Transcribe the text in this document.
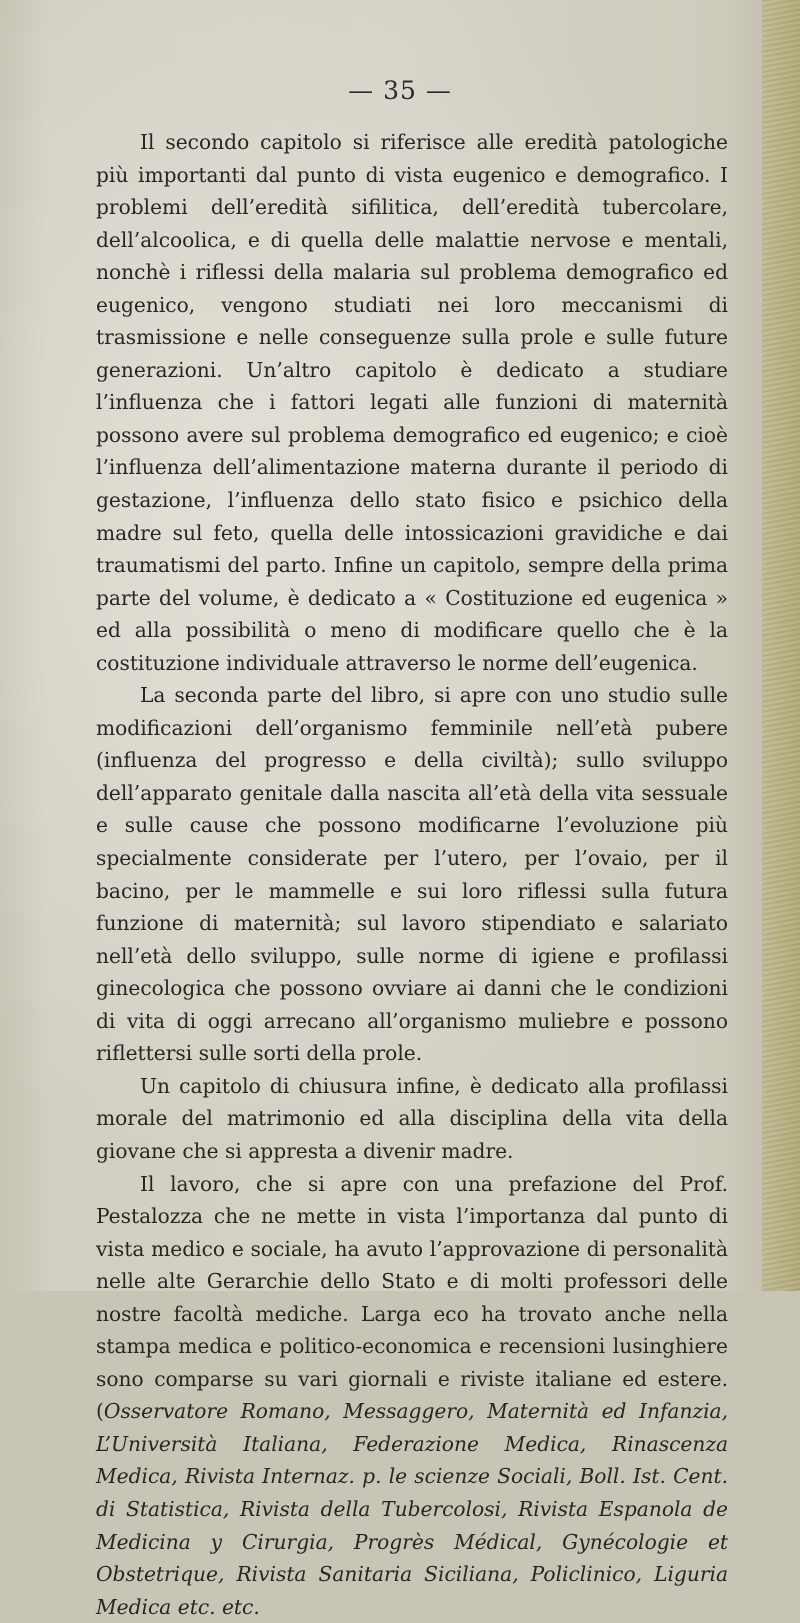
— 35 —

Il secondo capitolo si riferisce alle eredità patologiche più importanti dal punto di vista eugenico e demografico. I problemi dell’eredità sifilitica, dell’eredità tubercolare, dell’alcoolica, e di quella delle malattie nervose e mentali, nonchè i riflessi della malaria sul problema demografico ed eugenico, vengono studiati nei loro meccanismi di trasmissione e nelle conseguenze sulla prole e sulle future generazioni. Un’altro capitolo è dedicato a studiare l’influenza che i fattori legati alle funzioni di maternità possono avere sul problema demografico ed eugenico; e cioè l’influenza dell’alimentazione materna durante il periodo di gestazione, l’influenza dello stato fisico e psichico della madre sul feto, quella delle intossicazioni gravidiche e dai traumatismi del parto. Infine un capitolo, sempre della prima parte del volume, è dedicato a « Costituzione ed eugenica » ed alla possibilità o meno di modificare quello che è la costituzione individuale attraverso le norme dell’eugenica.

La seconda parte del libro, si apre con uno studio sulle modificazioni dell’organismo femminile nell’età pubere (influenza del progresso e della civiltà); sullo sviluppo dell’apparato genitale dalla nascita all’età della vita sessuale e sulle cause che possono modificarne l’evoluzione più specialmente considerate per l’utero, per l’ovaio, per il bacino, per le mammelle e sui loro riflessi sulla futura funzione di maternità; sul lavoro stipendiato e salariato nell’età dello sviluppo, sulle norme di igiene e profilassi ginecologica che possono ovviare ai danni che le condizioni di vita di oggi arrecano all’organismo muliebre e possono riflettersi sulle sorti della prole.

Un capitolo di chiusura infine, è dedicato alla profilassi morale del matrimonio ed alla disciplina della vita della giovane che si appresta a divenir madre.

Il lavoro, che si apre con una prefazione del Prof. Pestalozza che ne mette in vista l’importanza dal punto di vista medico e sociale, ha avuto l’approvazione di personalità nelle alte Gerarchie dello Stato e di molti professori delle nostre facoltà mediche. Larga eco ha trovato anche nella stampa medica e politico-economica e recensioni lusinghiere sono comparse su vari giornali e riviste italiane ed estere. (Osservatore Romano, Messaggero, Maternità ed Infanzia, L’Università Italiana, Federazione Medica, Rinascenza Medica, Rivista Internaz. p. le scienze Sociali, Boll. Ist. Cent. di Statistica, Rivista della Tubercolosi, Rivista Espanola de Medicina y Cirurgia, Progrès Médical, Gynécologie et Obstetrique, Rivista Sanitaria Siciliana, Policlinico, Liguria Medica etc. etc.
